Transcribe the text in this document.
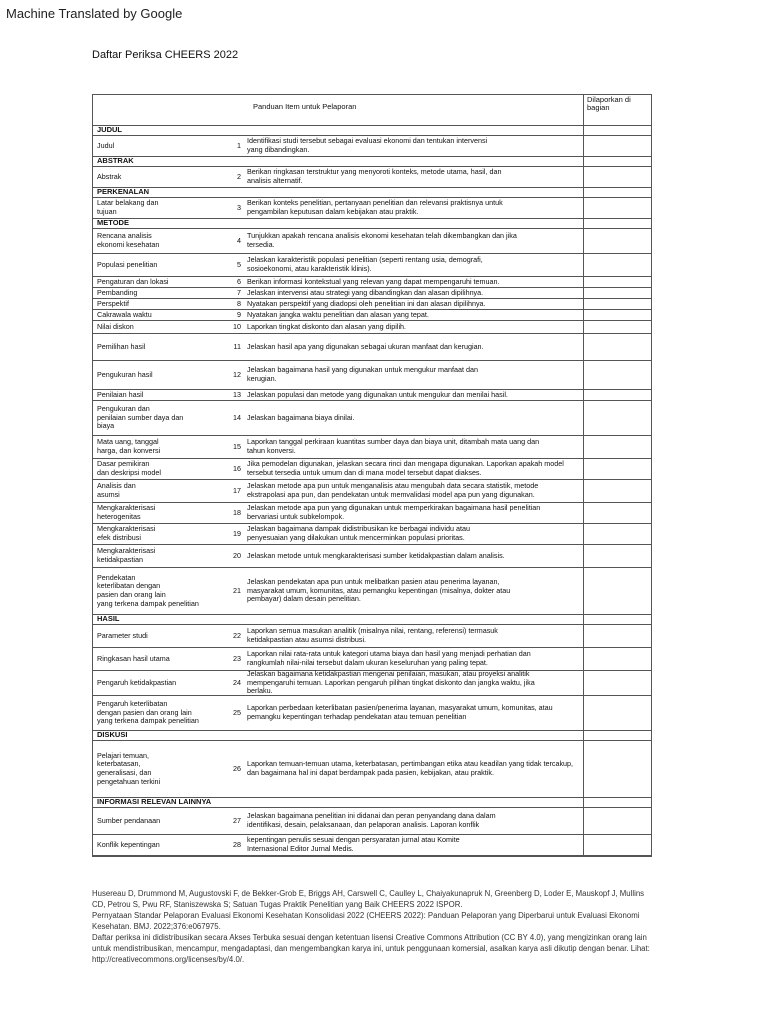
Machine Translated by Google
Daftar Periksa CHEERS 2022
Panduan Item untuk Pelaporan
Dilaporkan di bagian
JUDUL
Judul	1 Identifikasi studi tersebut sebagai evaluasi ekonomi dan tentukan intervensi
yang dibandingkan.
ABSTRAK
Abstrak	2 Berikan ringkasan terstruktur yang menyoroti konteks, metode utama, hasil, dan
analisis alternatif.
PERKENALAN
Latar belakang dan
tujuan	3 Berikan konteks penelitian, pertanyaan penelitian dan relevansi praktisnya untuk
pengambilan keputusan dalam kebijakan atau praktik.
METODE
Rencana analisis
ekonomi kesehatan	4 Tunjukkan apakah rencana analisis ekonomi kesehatan telah dikembangkan dan jika
tersedia.
Populasi penelitian	5 Jelaskan karakteristik populasi penelitian (seperti rentang usia, demografi,
sosioekonomi, atau karakteristik klinis).
Pengaturan dan lokasi	6 Berikan informasi kontekstual yang relevan yang dapat mempengaruhi temuan.
Pembanding	7 Jelaskan intervensi atau strategi yang dibandingkan dan alasan dipilihnya.
Perspektif	8 Nyatakan perspektif yang diadopsi oleh penelitian ini dan alasan dipilihnya.
Cakrawala waktu	9 Nyatakan jangka waktu penelitian dan alasan yang tepat.
Nilai diskon	10 Laporkan tingkat diskonto dan alasan yang dipilih.
Pemilihan hasil	11 Jelaskan hasil apa yang digunakan sebagai ukuran manfaat dan kerugian.
Pengukuran hasil	12 Jelaskan bagaimana hasil yang digunakan untuk mengukur manfaat dan
kerugian.
Penilaian hasil	13 Jelaskan populasi dan metode yang digunakan untuk mengukur dan menilai hasil.
Pengukuran dan
penilaian sumber daya dan
biaya
14 Jelaskan bagaimana biaya dinilai.
Mata uang, tanggal
harga, dan konversi	15 Laporkan tanggal perkiraan kuantitas sumber daya dan biaya unit, ditambah mata uang dan
tahun konversi.
Dasar pemikiran
dan deskripsi model	16 Jika pemodelan digunakan, jelaskan secara rinci dan mengapa digunakan. Laporkan apakah model
tersebut tersedia untuk umum dan di mana model tersebut dapat diakses.
Analisis dan
asumsi	17 Jelaskan metode apa pun untuk menganalisis atau mengubah data secara statistik, metode
ekstrapolasi apa pun, dan pendekatan untuk memvalidasi model apa pun yang digunakan.
Mengkarakterisasi
heterogenitas	18 Jelaskan metode apa pun yang digunakan untuk memperkirakan bagaimana hasil penelitian
bervariasi untuk subkelompok.
Mengkarakterisasi
efek distribusi	19 Jelaskan bagaimana dampak didistribusikan ke berbagai individu atau
penyesuaian yang dilakukan untuk mencerminkan populasi prioritas.
Mengkarakterisasi
ketidakpastian	20 Jelaskan metode untuk mengkarakterisasi sumber ketidakpastian dalam analisis.
Pendekatan
keterlibatan dengan
pasien dan orang lain
yang terkena dampak penelitian
21
Jelaskan pendekatan apa pun untuk melibatkan pasien atau penerima layanan,
masyarakat umum, komunitas, atau pemangku kepentingan (misalnya, dokter atau
pembayar) dalam desain penelitian.
HASIL
Parameter studi	22 Laporkan semua masukan analitik (misalnya nilai, rentang, referensi) termasuk
ketidakpastian atau asumsi distribusi.
Ringkasan hasil utama	23 Laporkan nilai rata-rata untuk kategori utama biaya dan hasil yang menjadi perhatian dan
rangkumlah nilai-nilai tersebut dalam ukuran keseluruhan yang paling tepat.
Pengaruh ketidakpastian	24
Jelaskan bagaimana ketidakpastian mengenai penilaian, masukan, atau proyeksi analitik
mempengaruhi temuan. Laporkan pengaruh pilihan tingkat diskonto dan jangka waktu, jika
berlaku.
Pengaruh keterlibatan
dengan pasien dan orang lain
yang terkena dampak penelitian
25 Laporkan perbedaan keterlibatan pasien/penerima layanan, masyarakat umum, komunitas, atau
pemangku kepentingan terhadap pendekatan atau temuan penelitian
DISKUSI
Pelajari temuan,
keterbatasan,
generalisasi, dan
pengetahuan terkini
26 Laporkan temuan-temuan utama, keterbatasan, pertimbangan etika atau keadilan yang tidak tercakup,
dan bagaimana hal ini dapat berdampak pada pasien, kebijakan, atau praktik.
INFORMASI RELEVAN LAINNYA
Sumber pendanaan	27 Jelaskan bagaimana penelitian ini didanai dan peran penyandang dana dalam
identifikasi, desain, pelaksanaan, dan pelaporan analisis. Laporan konflik
Konflik kepentingan	28 kepentingan penulis sesuai dengan persyaratan jurnal atau Komite
Internasional Editor Jurnal Medis.

Husereau D, Drummond M, Augustovski F, de Bekker-Grob E, Briggs AH, Carswell C, Caulley L, Chaiyakunapruk N, Greenberg D, Loder E, Mauskopf J, Mullins CD, Petrou S, Pwu RF, Staniszewska S; Satuan Tugas Praktik Penelitian yang Baik CHEERS 2022 ISPOR.

Pernyataan Standar Pelaporan Evaluasi Ekonomi Kesehatan Konsolidasi 2022 (CHEERS 2022): Panduan Pelaporan yang Diperbarui untuk Evaluasi Ekonomi Kesehatan. BMJ. 2022;376:e067975.

Daftar periksa ini didistribusikan secara Akses Terbuka sesuai dengan ketentuan lisensi Creative Commons Attribution (CC BY 4.0), yang mengizinkan orang lain untuk mendistribusikan, mencampur, mengadaptasi, dan mengembangkan karya ini, untuk penggunaan komersial, asalkan karya asli dikutip dengan benar. Lihat: http://creativecommons.org/licenses/by/4.0/.
